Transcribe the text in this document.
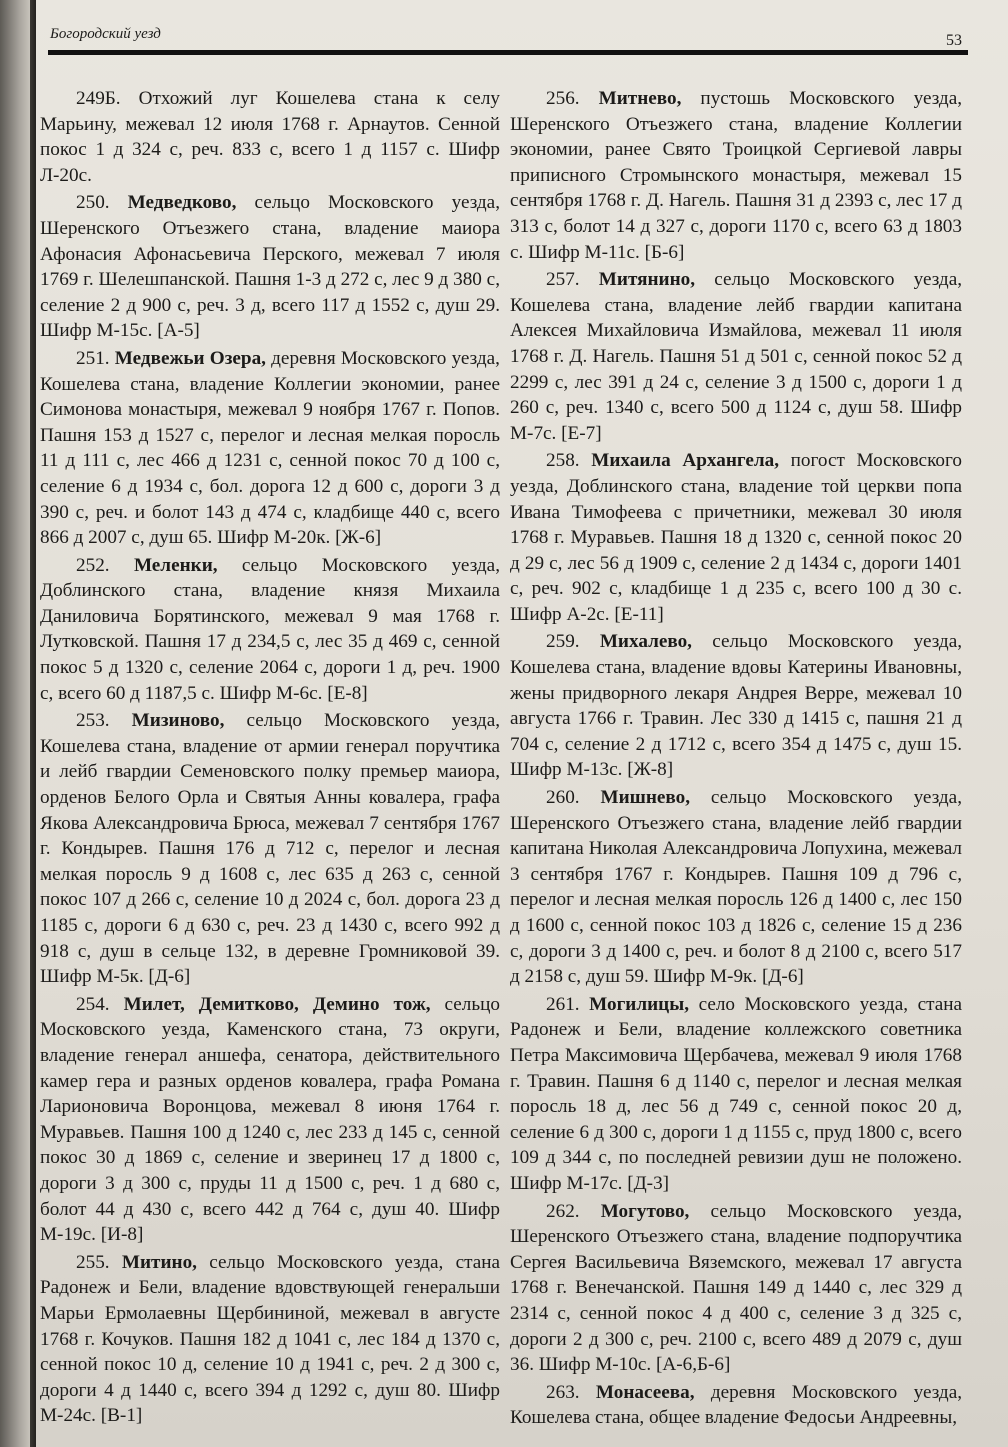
Богородский уезд	53

249Б. Отхожий луг Кошелева стана к селу Марьину, межевал 12 июля 1768 г. Арнаутов. Сенной покос 1 д 324 с, реч. 833 с, всего 1 д 1157 с. Шифр Л-20с.

250. Медведково, сельцо Московского уезда, Шеренского Отъезжего стана, владение маиора Афонасия Афонасьевича Перского, межевал 7 июля 1769 г. Шелешпанской. Пашня 1-3 д 272 с, лес 9 д 380 с, селение 2 д 900 с, реч. 3 д, всего 117 д 1552 с, душ 29. Шифр М-15с. [А-5]

251. Медвежьи Озера, деревня Московского уезда, Кошелева стана, владение Коллегии экономии, ранее Симонова монастыря, межевал 9 ноября 1767 г. Попов. Пашня 153 д 1527 с, перелог и лесная мелкая поросль 11 д 111 с, лес 466 д 1231 с, сенной покос 70 д 100 с, селение 6 д 1934 с, бол. дорога 12 д 600 с, дороги 3 д 390 с, реч. и болот 143 д 474 с, кладбище 440 с, всего 866 д 2007 с, душ 65. Шифр М-20к. [Ж-6]

252. Меленки, сельцо Московского уезда, Доблинского стана, владение князя Михаила Даниловича Борятинского, межевал 9 мая 1768 г. Лутковской. Пашня 17 д 234,5 с, лес 35 д 469 с, сенной покос 5 д 1320 с, селение 2064 с, дороги 1 д, реч. 1900 с, всего 60 д 1187,5 с. Шифр М-6с. [Е-8]

253. Мизиново, сельцо Московского уезда, Кошелева стана, владение от армии генерал поручтика и лейб гвардии Семеновского полку премьер маиора, орденов Белого Орла и Святыя Анны ковалера, графа Якова Александровича Брюса, межевал 7 сентября 1767 г. Кондырев. Пашня 176 д 712 с, перелог и лесная мелкая поросль 9 д 1608 с, лес 635 д 263 с, сенной покос 107 д 266 с, селение 10 д 2024 с, бол. дорога 23 д 1185 с, дороги 6 д 630 с, реч. 23 д 1430 с, всего 992 д 918 с, душ в сельце 132, в деревне Громниковой 39. Шифр М-5к. [Д-6]

254. Милет, Демитково, Демино тож, сельцо Московского уезда, Каменского стана, 73 округи, владение генерал аншефа, сенатора, действительного камер гера и разных орденов ковалера, графа Романа Ларионовича Воронцова, межевал 8 июня 1764 г. Муравьев. Пашня 100 д 1240 с, лес 233 д 145 с, сенной покос 30 д 1869 с, селение и зверинец 17 д 1800 с, дороги 3 д 300 с, пруды 11 д 1500 с, реч. 1 д 680 с, болот 44 д 430 с, всего 442 д 764 с, душ 40. Шифр М-19с. [И-8]

255. Митино, сельцо Московского уезда, стана Радонеж и Бели, владение вдовствующей генеральши Марьи Ермолаевны Щербининой, межевал в августе 1768 г. Кочуков. Пашня 182 д 1041 с, лес 184 д 1370 с, сенной покос 10 д, селение 10 д 1941 с, реч. 2 д 300 с, дороги 4 д 1440 с, всего 394 д 1292 с, душ 80. Шифр М-24с. [В-1]

256. Митнево, пустошь Московского уезда, Шеренского Отъезжего стана, владение Коллегии экономии, ранее Свято Троицкой Сергиевой лавры приписного Стромынского монастыря, межевал 15 сентября 1768 г. Д. Нагель. Пашня 31 д 2393 с, лес 17 д 313 с, болот 14 д 327 с, дороги 1170 с, всего 63 д 1803 с. Шифр М-11с. [Б-6]

257. Митянино, сельцо Московского уезда, Кошелева стана, владение лейб гвардии капитана Алексея Михайловича Измайлова, межевал 11 июля 1768 г. Д. Нагель. Пашня 51 д 501 с, сенной покос 52 д 2299 с, лес 391 д 24 с, селение 3 д 1500 с, дороги 1 д 260 с, реч. 1340 с, всего 500 д 1124 с, душ 58. Шифр М-7с. [Е-7]

258. Михаила Архангела, погост Московского уезда, Доблинского стана, владение той церкви попа Ивана Тимофеева с причетники, межевал 30 июля 1768 г. Муравьев. Пашня 18 д 1320 с, сенной покос 20 д 29 с, лес 56 д 1909 с, селение 2 д 1434 с, дороги 1401 с, реч. 902 с, кладбище 1 д 235 с, всего 100 д 30 с. Шифр А-2с. [Е-11]

259. Михалево, сельцо Московского уезда, Кошелева стана, владение вдовы Катерины Ивановны, жены придворного лекаря Андрея Верре, межевал 10 августа 1766 г. Травин. Лес 330 д 1415 с, пашня 21 д 704 с, селение 2 д 1712 с, всего 354 д 1475 с, душ 15. Шифр М-13с. [Ж-8]

260. Мишнево, сельцо Московского уезда, Шеренского Отъезжего стана, владение лейб гвардии капитана Николая Александровича Лопухина, межевал 3 сентября 1767 г. Кондырев. Пашня 109 д 796 с, перелог и лесная мелкая поросль 126 д 1400 с, лес 150 д 1600 с, сенной покос 103 д 1826 с, селение 15 д 236 с, дороги 3 д 1400 с, реч. и болот 8 д 2100 с, всего 517 д 2158 с, душ 59. Шифр М-9к. [Д-6]

261. Могилицы, село Московского уезда, стана Радонеж и Бели, владение коллежского советника Петра Максимовича Щербачева, межевал 9 июля 1768 г. Травин. Пашня 6 д 1140 с, перелог и лесная мелкая поросль 18 д, лес 56 д 749 с, сенной покос 20 д, селение 6 д 300 с, дороги 1 д 1155 с, пруд 1800 с, всего 109 д 344 с, по последней ревизии душ не положено. Шифр М-17с. [Д-3]

262. Могутово, сельцо Московского уезда, Шеренского Отъезжего стана, владение подпоручтика Сергея Васильевича Вяземского, межевал 17 августа 1768 г. Венечанской. Пашня 149 д 1440 с, лес 329 д 2314 с, сенной покос 4 д 400 с, селение 3 д 325 с, дороги 2 д 300 с, реч. 2100 с, всего 489 д 2079 с, душ 36. Шифр М-10с. [А-6,Б-6]

263. Монасеева, деревня Московского уезда, Кошелева стана, общее владение Федосьи Андреевны,
